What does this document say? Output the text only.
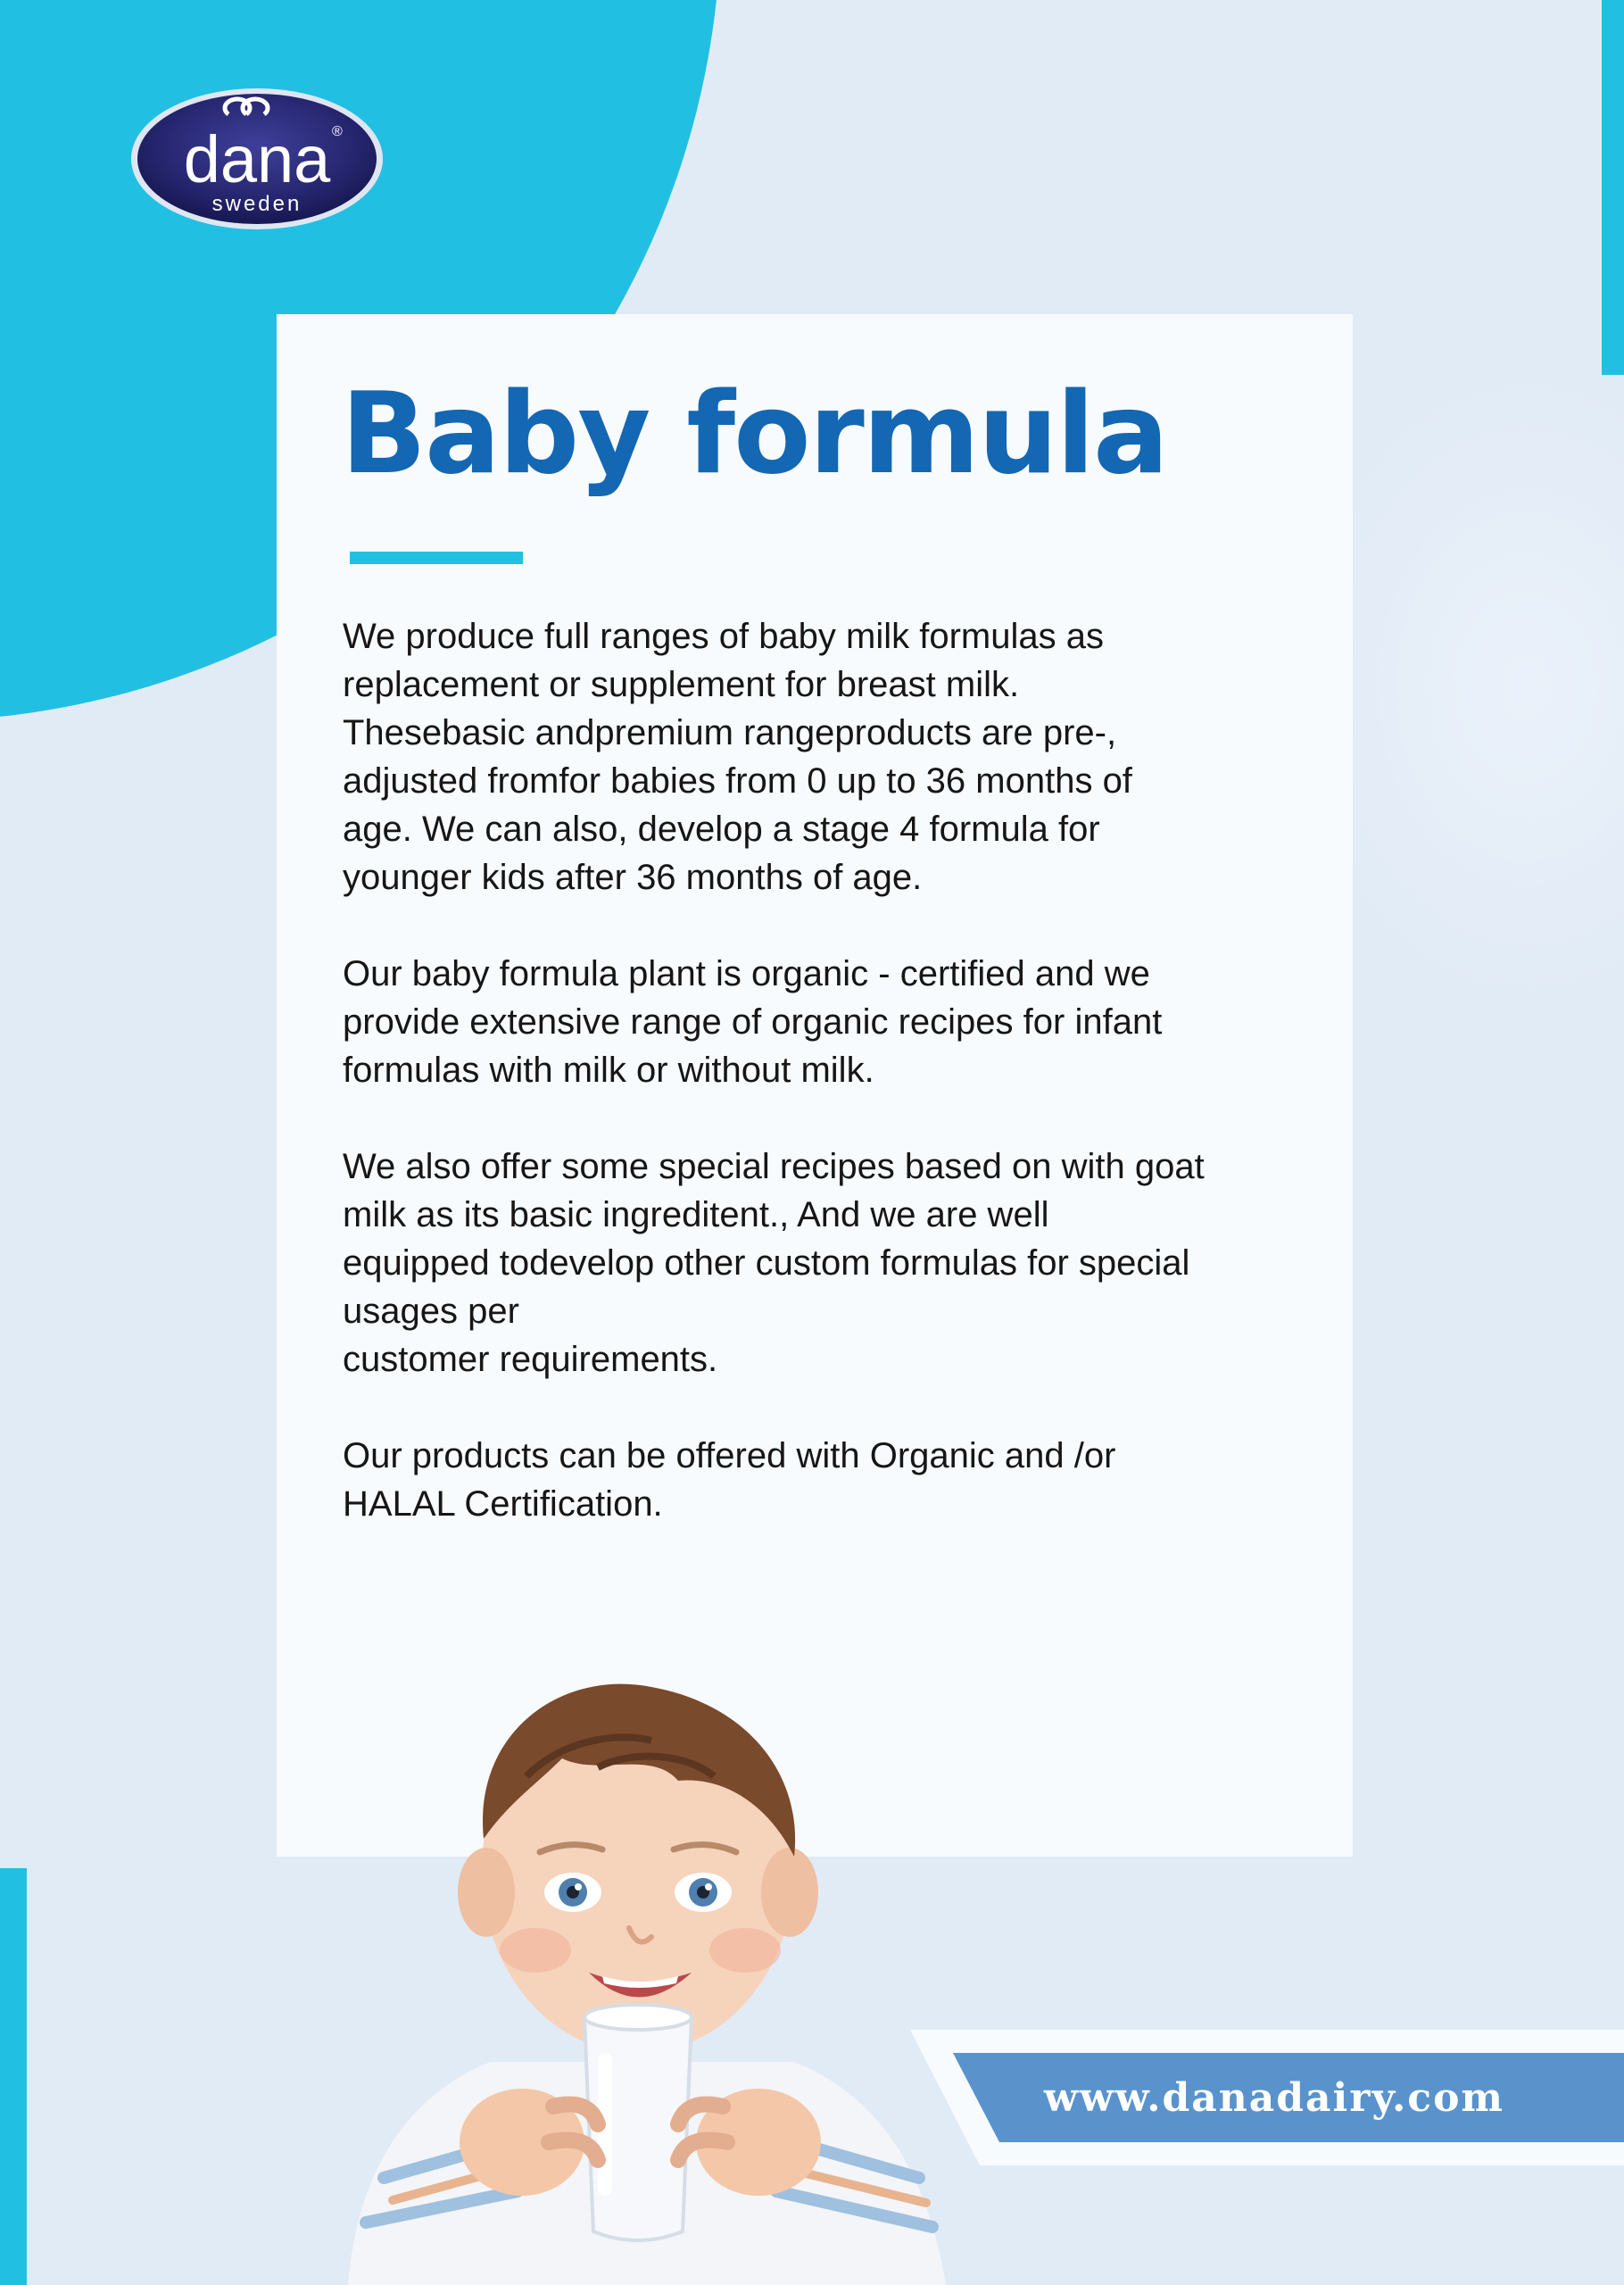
dana ®
sweden
Baby formula

We produce full ranges of baby milk formulas as
replacement or supplement for breast milk.
Thesebasic andpremium rangeproducts are pre-,
adjusted fromfor babies from 0 up to 36 months of
age. We can also, develop a stage 4 formula for
younger kids after 36 months of age.

Our baby formula plant is organic - certified and we
provide extensive range of organic recipes for infant
formulas with milk or without milk.

We also offer some special recipes based on with goat
milk as its basic ingreditent., And we are well
equipped todevelop other custom formulas for special
usages per
customer requirements.

Our products can be offered with Organic and /or
HALAL Certification.

www.danadairy.com
